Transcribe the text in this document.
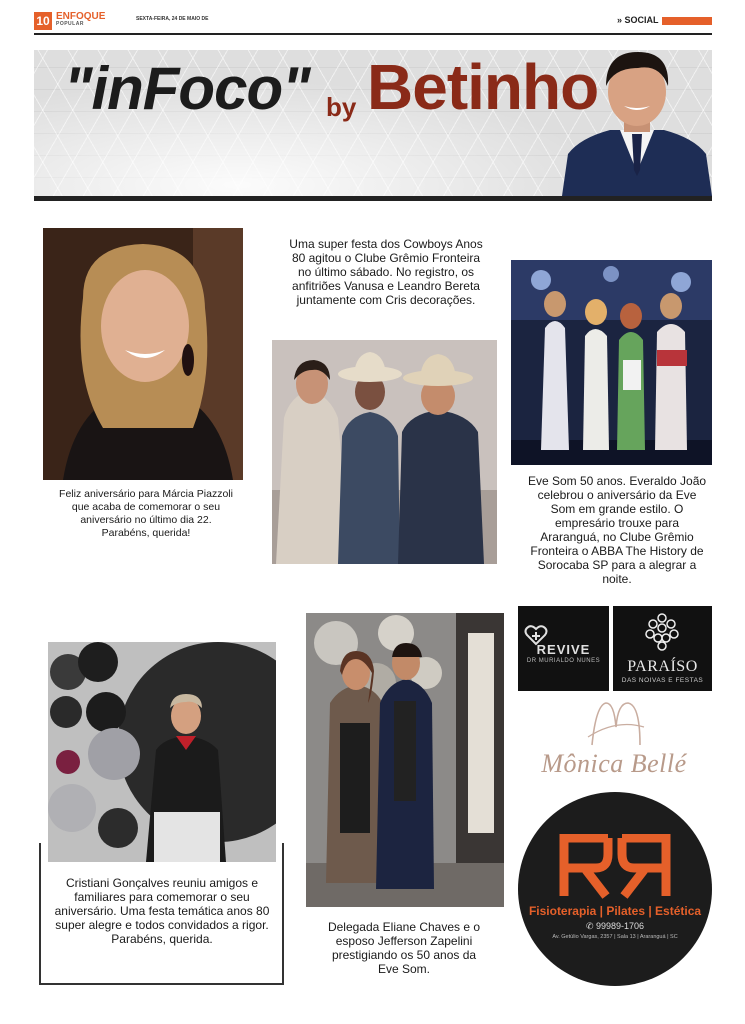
10 ENFOQUE
POPULAR
SEXTA-FEIRA, 24 DE MAIO DE	» SOCIAL
"inFoco" by Betinho
Feliz aniversário para Márcia Piazzoli que acaba de comemorar o seu aniversário no último dia 22. Parabéns, querida!
Uma super festa dos Cowboys Anos 80 agitou o Clube Grêmio Fronteira no último sábado. No registro, os anfitriões Vanusa e Leandro Bereta juntamente com Cris decorações.
Eve Som 50 anos. Everaldo João celebrou o aniversário da Eve Som em grande estilo. O empresário trouxe para Araranguá, no Clube Grêmio Fronteira o ABBA The History de Sorocaba SP para a alegrar a noite.
Cristiani Gonçalves reuniu amigos e familiares para comemorar o seu aniversário. Uma festa temática anos 80 super alegre e todos convidados a rigor. Parabéns, querida.
Delegada Eliane Chaves e o esposo Jefferson Zapelini prestigiando os 50 anos da Eve Som.
REVIVE
DR MURIALDO NUNES	PARAÍSO
DAS NOIVAS E FESTAS
Mônica Bellé
Fisioterapia | Pilates | Estética
✆ 99989-1706
Av. Getúlio Vargas, 2357 | Sala 13 | Araranguá | SC
